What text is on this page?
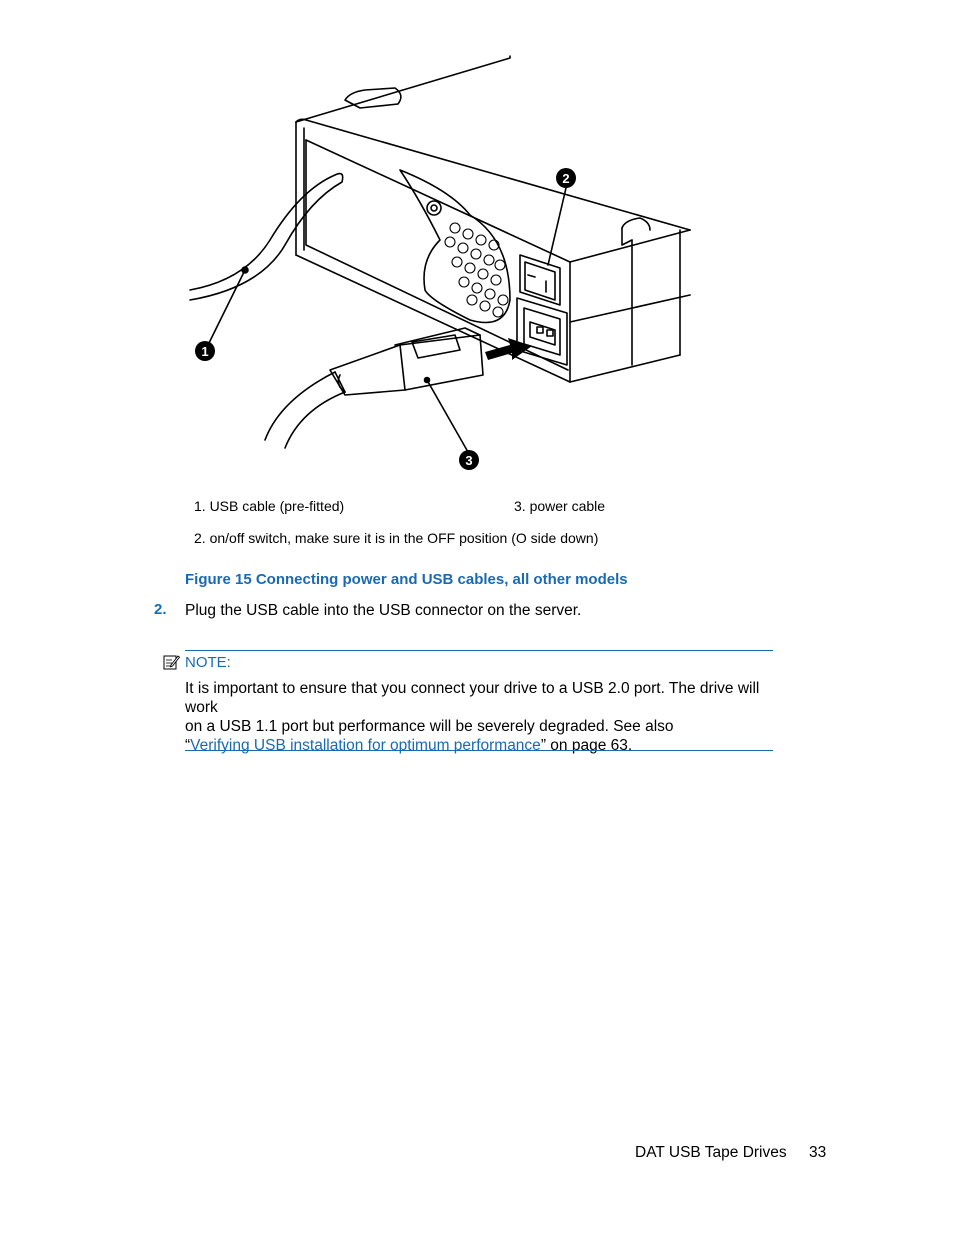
1
2
3
1. USB cable (pre-fitted)	3. power cable
2. on/off switch, make sure it is in the OFF position (O side down)
Figure 15 Connecting power and USB cables, all other models
2. Plug the USB cable into the USB connector on the server.
NOTE:
It is important to ensure that you connect your drive to a USB 2.0 port. The drive will work
on a USB 1.1 port but performance will be severely degraded. See also
“Verifying USB installation for optimum performance” on page 63.
DAT USB Tape Drives 33
